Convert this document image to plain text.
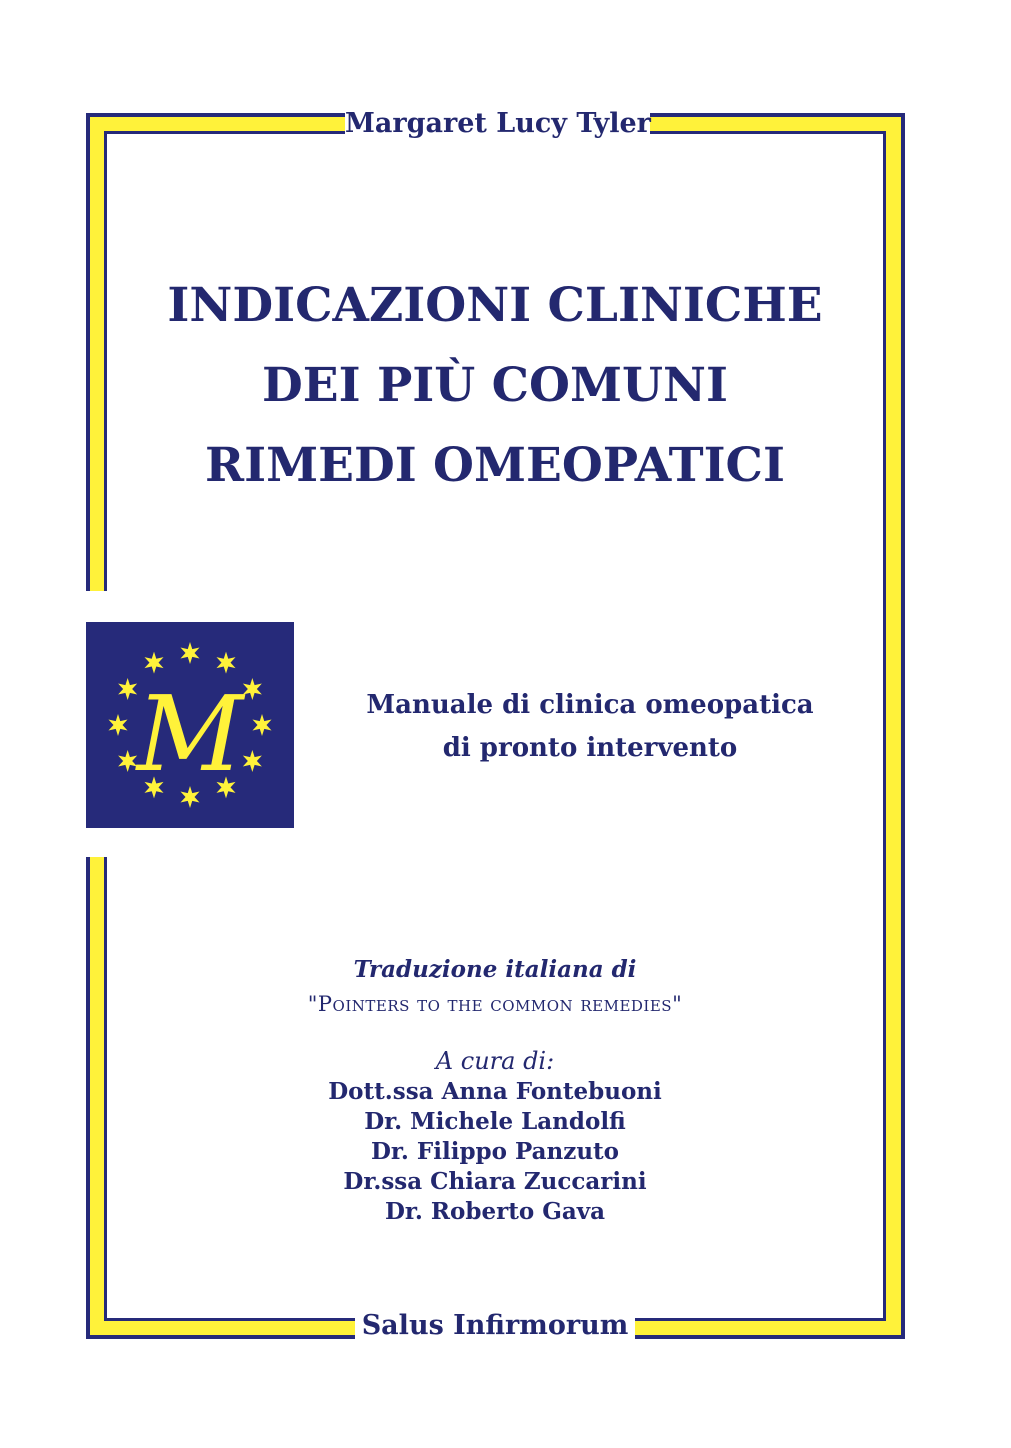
Margaret Lucy Tyler
INDICAZIONI CLINICHE
DEI PIÙ COMUNI
RIMEDI OMEOPATICI
M	Manuale di clinica omeopatica
di pronto intervento
Traduzione italiana di
"Pointers to the common remedies"
A cura di:
Dott.ssa Anna Fontebuoni
Dr. Michele Landolfi
Dr. Filippo Panzuto
Dr.ssa Chiara Zuccarini
Dr. Roberto Gava
Salus Infirmorum
